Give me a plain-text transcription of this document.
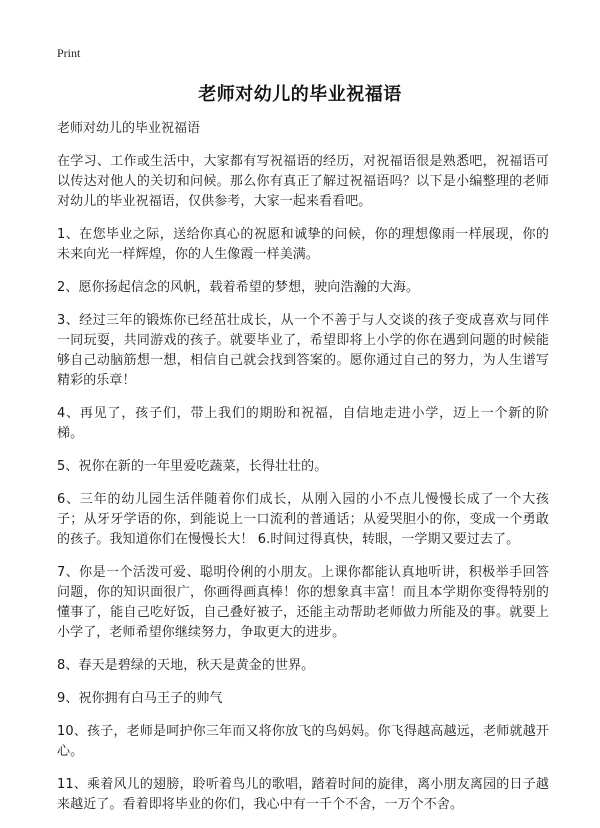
Print
老师对幼儿的毕业祝福语

老师对幼儿的毕业祝福语

在学习、工作或生活中，大家都有写祝福语的经历，对祝福语很是熟悉吧，祝福语可以传达对他人的关切和问候。那么你有真正了解过祝福语吗？以下是小编整理的老师对幼儿的毕业祝福语，仅供参考，大家一起来看看吧。

1、在您毕业之际，送给你真心的祝愿和诚挚的问候，你的理想像雨一样展现，你的未来向光一样辉煌，你的人生像霞一样美满。

2、愿你扬起信念的风帆，载着希望的梦想，驶向浩瀚的大海。

3、经过三年的锻炼你已经茁壮成长，从一个不善于与人交谈的孩子变成喜欢与同伴一同玩耍，共同游戏的孩子。就要毕业了，希望即将上小学的你在遇到问题的时候能够自己动脑筋想一想，相信自己就会找到答案的。愿你通过自己的努力，为人生谱写精彩的乐章！

4、再见了，孩子们，带上我们的期盼和祝福，自信地走进小学，迈上一个新的阶梯。

5、祝你在新的一年里爱吃蔬菜，长得壮壮的。

6、三年的幼儿园生活伴随着你们成长，从刚入园的小不点儿慢慢长成了一个大孩子；从牙牙学语的你，到能说上一口流利的普通话；从爱哭胆小的你，变成一个勇敢的孩子。我知道你们在慢慢长大！ 6.时间过得真快，转眼，一学期又要过去了。

7、你是一个活泼可爱、聪明伶俐的小朋友。上课你都能认真地听讲，积极举手回答问题，你的知识面很广，你画得画真棒！你的想象真丰富！而且本学期你变得特别的懂事了，能自己吃好饭，自己叠好被子，还能主动帮助老师做力所能及的事。就要上小学了，老师希望你继续努力，争取更大的进步。

8、春天是碧绿的天地，秋天是黄金的世界。

9、祝你拥有白马王子的帅气

10、孩子，老师是呵护你三年而又将你放飞的鸟妈妈。你飞得越高越远，老师就越开心。

11、乘着风儿的翅膀，聆听着鸟儿的歌唱，踏着时间的旋律，离小朋友离园的日子越来越近了。看着即将毕业的你们，我心中有一千个不舍，一万个不舍。
